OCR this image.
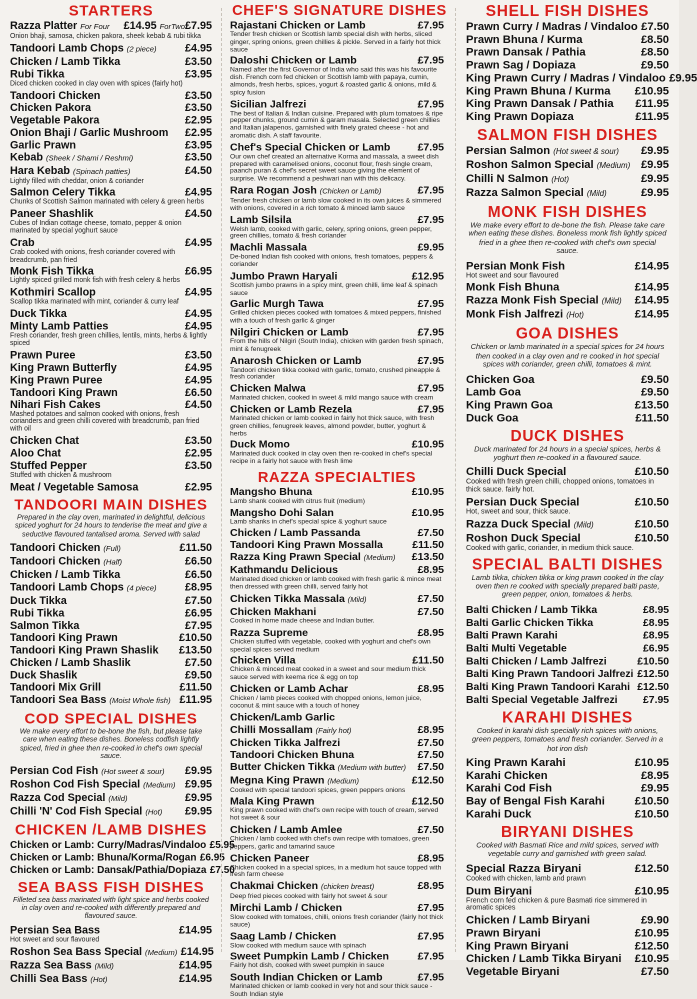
STARTERS
Razza Platter For Four	£14.95 ForTwo£7.95
Onion bhaji, samosa, chicken pakora, sheek kebab & rubi tikka
Tandoori Lamb Chops (2 piece)	£4.95
Chicken / Lamb Tikka	£3.50
Rubi Tikka	£3.95
Diced chicken cooked in clay oven with spices (fairly hot)
Tandoori Chicken	£3.50
Chicken Pakora	£3.50
Vegetable Pakora	£2.95
Onion Bhaji / Garlic Mushroom	£2.95
Garlic Prawn	£3.95
Kebab (Sheek / Shami / Reshmi)	£3.50
Hara Kebab (Spinach patties)	£4.50
Lightly filled with cheddar, onion & coriander
Salmon Celery Tikka	£4.95
Chunks of Scottish Salmon marinated with celery & green herbs
Paneer Shashlik	£4.50
Cubes of Indian cottage cheese, tomato, pepper & onion marinated by special yoghurt sauce
Crab	£4.95
Crab cooked with onions, fresh coriander covered with breadcrumb, pan fried
Monk Fish Tikka	£6.95
Lightly spiced grilled monk fish with fresh celery & herbs
Kothmiri Scallop	£4.95
Scallop tikka marinated with mint, coriander & curry leaf
Duck Tikka	£4.95
Minty Lamb Patties	£4.95
Fresh coriander, fresh green chillies, lentils, mints, herbs & lightly spiced
Prawn Puree	£3.50
King Prawn Butterfly	£4.95
King Prawn Puree	£4.95
Tandoori King Prawn	£6.50
Nihari Fish Cakes	£4.50
Mashed potatoes and salmon cooked with onions, fresh corianders and green chilli covered with breadcrumb, pan fried with oil
Chicken Chat	£3.50
Aloo Chat	£2.95
Stuffed Pepper	£3.50
Stuffed with chicken & mushroom
Meat / Vegetable Samosa	£2.95
TANDOORI MAIN DISHES
Prepared in the clay oven, marinated in delightful, delicious spiced yoghurt for 24 hours to tenderise the meat and give a seductive flavoured tantalised aroma. Served with salad
Tandoori Chicken (Full)	£11.50
Tandoori Chicken (Half)	£6.50
Chicken / Lamb Tikka	£6.50
Tandoori Lamb Chops (4 piece)	£8.95
Duck Tikka	£7.50
Rubi Tikka	£6.95
Salmon Tikka	£7.95
Tandoori King Prawn	£10.50
Tandoori King Prawn Shaslik	£13.50
Chicken / Lamb Shaslik	£7.50
Duck Shaslik	£9.50
Tandoori Mix Grill	£11.50
Tandoori Sea Bass (Moist Whole fish) £11.95
COD SPECIAL DISHES
We make every effort to be-bone the fish, but please take care when eating these dishes. Boneless codfish lightly spiced, fried in ghee then re-cooked in chef's own special sauce.
Persian Cod Fish (Hot sweet & sour)	£9.95
Roshon Cod Fish Special (Medium) £9.95
Razza Cod Special (Mild)	£9.95
Chilli 'N' Cod Fish Special (Hot)	£9.95
CHICKEN /LAMB DISHES
Chicken or Lamb: Curry/Madras/Vindaloo £5.95
Chicken or Lamb: Bhuna/Korma/Rogan £6.95
Chicken or Lamb: Dansak/Pathia/Dopiaza £7.50
SEA BASS FISH DISHES
Filleted sea bass marinated with light spice and herbs cooked in clay oven and re-cooked with differently prepared and flavoured sauce.
Persian Sea Bass	£14.95
Hot sweet and sour flavoured
Roshon Sea Bass Special (Medium) £14.95
Razza Sea Bass (Mild)	£14.95
Chilli Sea Bass (Hot)	£14.95
CHEF'S SIGNATURE DISHES
Rajastani Chicken or Lamb	£7.95
Tender fresh chicken or Scottish lamb special dish with herbs, sliced ginger, spring onions, green chillies & pickle. Served in a fairly hot thick sauce
Daloshi Chicken or Lamb	£7.95
Named after the first Governor of India who said this was his favourite dish. French corn fed chicken or Scottish lamb with papaya, cumin, almonds, fresh herbs, spices, yogurt & roasted garlic & onions, mild & spicy fusion
Sicilian Jalfrezi	£7.95
The best of Italian & Indian cuisine. Prepared with plum tomatoes & ripe pepper chunks, ground cumin & garam masala. Selected green chillies and Italian jalapenos, garnished with finely grated cheese - hot and aromatic dish. A staff favourite.
Chef's Special Chicken or Lamb	£7.95
Our own chef created an alternative Korma and massala, a sweet dish prepared with caramelised onions, coconut flour, fresh single cream, paanch puran & chef's secret sweet sauce giving the element of surprise. We recommend a peshwari nan with this delicacy.
Rara Rogan Josh (Chicken or Lamb)	£7.95
Tender fresh chicken or lamb slow cooked in its own juices & simmered with onions, covered in a rich tomato & minced lamb sauce
Lamb Silsila	£7.95
Welsh lamb, cooked with garlic, celery, spring onions, green pepper, green chillies, tomato & fresh coriander
Machli Massala	£9.95
De-boned Indian fish cooked with onions, fresh tomatoes, peppers & coriander
Jumbo Prawn Haryali	£12.95
Scottish jumbo prawns in a spicy mint, green chilli, lime leaf & spinach sauce
Garlic Murgh Tawa	£7.95
Grilled chicken pieces cooked with tomatoes & mixed peppers, finished with a touch of fresh garlic & ginger
Nilgiri Chicken or Lamb	£7.95
From the hills of Nilgiri (South India), chicken with garden fresh spinach, mint & fenugreek
Anarosh Chicken or Lamb	£7.95
Tandoori chicken tikka cooked with garlic, tomato, crushed pineapple & fresh coriander
Chicken Malwa	£7.95
Marinated chicken, cooked in sweet & mild mango sauce with cream
Chicken or Lamb Rezela	£7.95
Marinated chicken or lamb cooked in fairly hot thick sauce, with fresh green chillies, fenugreek leaves, almond powder, butter, yoghurt & herbs
Duck Momo	£10.95
Marinated duck cooked in clay oven then re-cooked in chef's special recipe in a fairly hot sauce with fresh lime
RAZZA SPECIALTIES
Mangsho Bhuna	£10.95
Lamb shank cooked with citrus fruit (medium)
Mangsho Dohi Salan	£10.95
Lamb shanks in chef's special spice & yoghurt sauce
Chicken / Lamb Passanda	£7.50
Tandoori King Prawn Mossalla	£11.50
Razza King Prawn Special (Medium)	£13.50
Kathmandu Delicious	£8.95
Marinated diced chicken or lamb cooked with fresh garlic & mince meat then dressed with green chilli, served fairly hot
Chicken Tikka Massala (Mild)	£7.50
Chicken Makhani	£7.50
Cooked in home made cheese and Indian butter.
Razza Supreme	£8.95
Chicken stuffed with vegetable, cooked with yoghurt and chef's own special spices served medium
Chicken Villa	£11.50
Chicken & minced meat cooked in a sweet and sour medium thick sauce served with keema rice & egg on top
Chicken or Lamb Achar	£8.95
Chicken / lamb pieces cooked with chopped onions, lemon juice, coconut & mint sauce with a touch of honey
Chicken/Lamb Garlic
Chilli Mossallam (Fairly hot)	£8.95
Chicken Tikka Jalfrezi	£7.50
Tandoori Chicken Bhuna	£7.50
Butter Chicken Tikka (Medium with butter)	£7.50
Megna King Prawn (Medium)	£12.50
Cooked with special tandoori spices, green peppers onions
Mala King Prawn	£12.50
King prawn cooked with chef's own recipe with touch of cream, served hot sweet & sour
Chicken / Lamb Amlee	£7.50
Chicken / lamb cooked with chef's own recipe with tomatoes, green peppers, garlic and tamarind sauce
Chicken Paneer	£8.95
Chicken cooked in a special spices, in a medium hot sauce topped with fresh farm cheese
Chakmai Chicken (chicken breast)	£8.95
Deep fried pieces cooked with fairly hot sweet & sour
Mirchi Lamb / Chicken	£7.95
Slow cooked with tomatoes, chilli, onions fresh coriander (fairly hot thick sauce)
Saag Lamb / Chicken	£7.95
Slow cooked with medium sauce with spinach
Sweet Pumpkin Lamb / Chicken	£7.95
Fairly hot dish, cooked with sweet pumpkin in sauce
South Indian Chicken or Lamb	£7.95
Marinated chicken or lamb cooked in very hot and sour thick sauce - South Indian style
SHELL FISH DISHES
Prawn Curry / Madras / Vindaloo £7.50
Prawn Bhuna / Kurma	£8.50
Prawn Dansak / Pathia	£8.50
Prawn Sag / Dopiaza	£9.50
King Prawn Curry / Madras / Vindaloo £9.95
King Prawn Bhuna / Kurma	£10.95
King Prawn Dansak / Pathia	£11.95
King Prawn Dopiaza	£11.95
SALMON FISH DISHES
Persian Salmon (Hot sweet & sour)	£9.95
Roshon Salmon Special (Medium)	£9.95
Chilli N Salmon (Hot)	£9.95
Razza Salmon Special (Mild)	£9.95
MONK FISH DISHES
We make every effort to de-bone the fish. Please take care when eating these dishes. Boneless monk fish lightly spiced fried in a ghee then re-cooked with chef's own special sauce.
Persian Monk Fish	£14.95
Hot sweet and sour flavoured
Monk Fish Bhuna	£14.95
Razza Monk Fish Special (Mild)	£14.95
Monk Fish Jalfrezi (Hot)	£14.95
GOA DISHES
Chicken or lamb marinated in a special spices for 24 hours then cooked in a clay oven and re cooked in hot special spices with coriander, green chilli, tomatoes & mint.
Chicken Goa	£9.50
Lamb Goa	£9.50
King Prawn Goa	£13.50
Duck Goa	£11.50
DUCK DISHES
Duck marinated for 24 hours in a special spices, herbs & yoghurt then re-cooked in a flavoured sauce.
Chilli Duck Special	£10.50
Cooked with fresh green chilli, chopped onions, tomatoes in thick sauce. fairly hot.
Persian Duck Special	£10.50
Hot, sweet and sour, thick sauce.
Razza Duck Special (Mild)	£10.50
Roshon Duck Special	£10.50
Cooked with garlic, coriander, in medium thick sauce.
SPECIAL BALTI DISHES
Lamb tikka, chicken tikka or king prawn cooked in the clay oven then re cooked with specially prepared balti paste, green pepper, onion, tomatoes & herbs.
Balti Chicken / Lamb Tikka	£8.95
Balti Garlic Chicken Tikka	£8.95
Balti Prawn Karahi	£8.95
Balti Multi Vegetable	£6.95
Balti Chicken / Lamb Jalfrezi	£10.50
Balti King Prawn Tandoori Jalfrezi £12.50
Balti King Prawn Tandoori Karahi £12.50
Balti Special Vegetable Jalfrezi	£7.95
KARAHI DISHES
Cooked in karahi dish specially rich spices with onions, green peppers, tomatoes and fresh coriander. Served in a hot iron dish
King Prawn Karahi	£10.95
Karahi Chicken	£8.95
Karahi Cod Fish	£9.95
Bay of Bengal Fish Karahi	£10.50
Karahi Duck	£10.50
BIRYANI DISHES
Cooked with Basmati Rice and mild spices, served with vegetable curry and garnished with green salad.
Special Razza Biryani	£12.50
Cooked with chicken, lamb and prawn
Dum Biryani	£10.95
French corn fed chicken & pure Basmati rice simmered in aromatic spices
Chicken / Lamb Biryani	£9.90
Prawn Biryani	£10.95
King Prawn Biryani	£12.50
Chicken / Lamb Tikka Biryani	£10.95
Vegetable Biryani	£7.50
